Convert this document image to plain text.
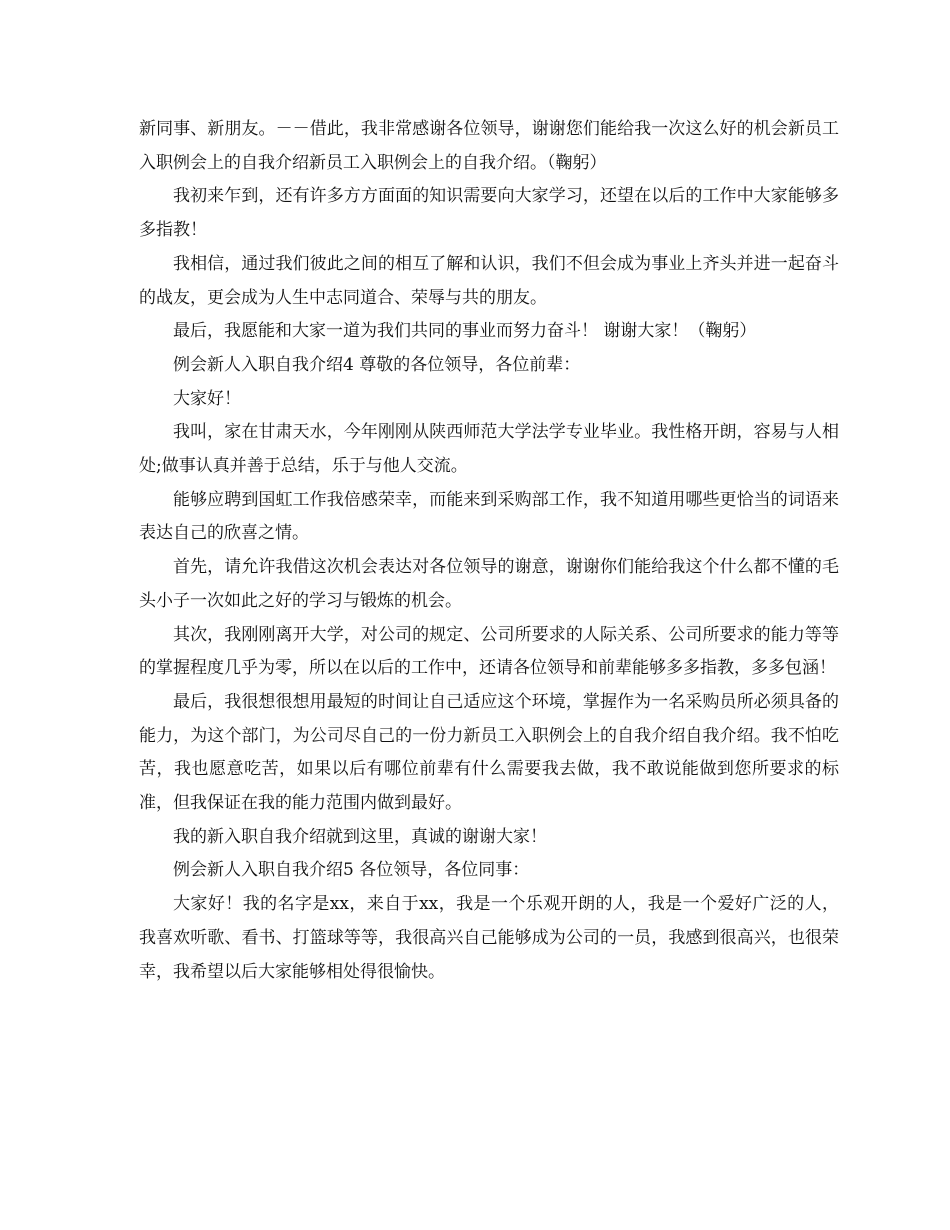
新同事、新朋友。－－借此，我非常感谢各位领导，谢谢您们能给我一次这么好的机会新员工入职例会上的自我介绍新员工入职例会上的自我介绍。（鞠躬）

我初来乍到，还有许多方方面面的知识需要向大家学习，还望在以后的工作中大家能够多多指教！

我相信，通过我们彼此之间的相互了解和认识，我们不但会成为事业上齐头并进一起奋斗的战友，更会成为人生中志同道合、荣辱与共的朋友。

最后，我愿能和大家一道为我们共同的事业而努力奋斗！ 谢谢大家！（鞠躬）

例会新人入职自我介绍4 尊敬的各位领导，各位前辈：

大家好！

我叫，家在甘肃天水，今年刚刚从陕西师范大学法学专业毕业。我性格开朗，容易与人相处;做事认真并善于总结，乐于与他人交流。

能够应聘到国虹工作我倍感荣幸，而能来到采购部工作，我不知道用哪些更恰当的词语来表达自己的欣喜之情。

首先，请允许我借这次机会表达对各位领导的谢意，谢谢你们能给我这个什么都不懂的毛头小子一次如此之好的学习与锻炼的机会。

其次，我刚刚离开大学，对公司的规定、公司所要求的人际关系、公司所要求的能力等等的掌握程度几乎为零，所以在以后的工作中，还请各位领导和前辈能够多多指教，多多包涵！

最后，我很想很想用最短的时间让自己适应这个环境，掌握作为一名采购员所必须具备的能力，为这个部门，为公司尽自己的一份力新员工入职例会上的自我介绍自我介绍。我不怕吃苦，我也愿意吃苦，如果以后有哪位前辈有什么需要我去做，我不敢说能做到您所要求的标准，但我保证在我的能力范围内做到最好。

我的新入职自我介绍就到这里，真诚的谢谢大家！

例会新人入职自我介绍5 各位领导，各位同事：

大家好！我的名字是xx，来自于xx，我是一个乐观开朗的人，我是一个爱好广泛的人，我喜欢听歌、看书、打篮球等等，我很高兴自己能够成为公司的一员，我感到很高兴，也很荣幸，我希望以后大家能够相处得很愉快。
